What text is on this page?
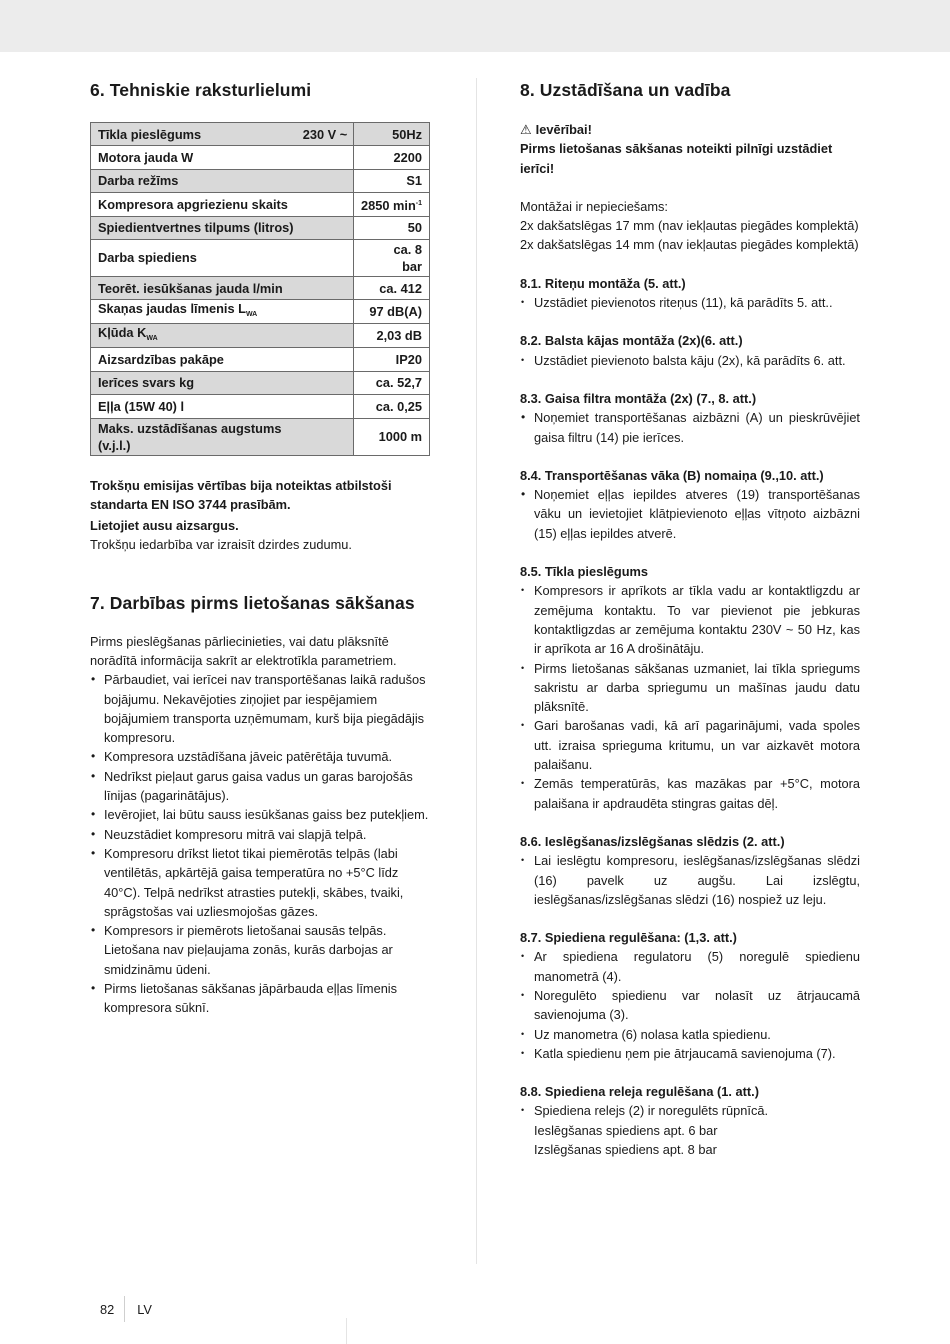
6. Tehniskie raksturlielumi
Tīkla pieslēgums	230 V ~	50Hz
Motora jauda W		2200
Darba režīms		S1
Kompresora apgriezienu skaits		2850 $\min^{-1}$
Spiedientvertnes tilpums (litros)		50
Darba spiediens		ca. 8
bar

Teorēt. iesūkšanas jauda l/min		ca. 412
Skaņas jaudas līmenis $L_{WA}$		97 dB(A)
Kļūda $K_{WA}$		2,03 dB
Aizsardzības pakāpe		IP20
Ierīces svars kg		ca. 52,7
Eļļa (15W 40) l		ca. 0,25

Maks. uzstādīšanas augstums
(v.j.l.)		1000 m

Trokšņu emisijas vērtības bija noteiktas atbilstoši standarta EN ISO 3744 prasībām.

Lietojiet ausu aizsargus.

Trokšņu iedarbība var izraisīt dzirdes zudumu.

7. Darbības pirms lietošanas sākšanas

Pirms pieslēgšanas pārliecinieties, vai datu plāksnītē norādītā informācija sakrīt ar elektrotīkla parametriem.

• Pārbaudiet, vai ierīcei nav transportēšanas laikā radušos bojājumu. Nekavējoties ziņojiet par iespējamiem bojājumiem transporta uzņēmumam, kurš bija piegādājis kompresoru.
• Kompresora uzstādīšana jāveic patērētāja tuvumā.
• Nedrīkst pieļaut garus gaisa vadus un garas barojošās līnijas (pagarinātājus).
• Ievērojiet, lai būtu sauss iesūkšanas gaiss bez putekļiem.
• Neuzstādiet kompresoru mitrā vai slapjā telpā.
• Kompresoru drīkst lietot tikai piemērotās telpās (labi ventilētās, apkārtējā gaisa temperatūra no +5°C līdz 40°C). Telpā nedrīkst atrasties putekļi, skābes, tvaiki, sprāgstošas vai uzliesmojošas gāzes.
• Kompresors ir piemērots lietošanai sausās telpās. Lietošana nav pieļaujama zonās, kurās darbojas ar smidzināmu ūdeni.
• Pirms lietošanas sākšanas jāpārbauda eļļas līmenis kompresora sūknī.
8. Uzstādīšana un vadība

⚠ Ievērībai!

Pirms lietošanas sākšanas noteikti pilnīgi uzstādiet ierīci!

Montāžai ir nepieciešams:

2x dakšatslēgas 17 mm (nav iekļautas piegādes komplektā)

2x dakšatslēgas 14 mm (nav iekļautas piegādes komplektā)

8.1. Riteņu montāža (5. att.)

• Uzstādiet pievienotos riteņus (11), kā parādīts 5. att..

8.2. Balsta kājas montāža (2x)(6. att.)

• Uzstādiet pievienoto balsta kāju (2x), kā parādīts 6. att.

8.3. Gaisa filtra montāža (2x) (7., 8. att.)

• Noņemiet transportēšanas aizbāzni (A) un pieskrūvējiet gaisa filtru (14) pie ierīces.

8.4. Transportēšanas vāka (B) nomaiņa (9.,10. att.)

• Noņemiet eļļas iepildes atveres (19) transportēšanas vāku un ievietojiet klātpievienoto eļļas vītņoto aizbāzni (15) eļļas iepildes atverē.

8.5. Tīkla pieslēgums

• Kompresors ir aprīkots ar tīkla vadu ar kontaktligzdu ar zemējuma kontaktu. To var pievienot pie jebkuras kontaktligzdas ar zemējuma kontaktu 230V ~ 50 Hz, kas ir aprīkota ar 16 A drošinātāju.
• Pirms lietošanas sākšanas uzmaniet, lai tīkla spriegums sakristu ar darba spriegumu un mašīnas jaudu datu plāksnītē.
• Gari barošanas vadi, kā arī pagarinājumi, vada spoles utt. izraisa sprieguma kritumu, un var aizkavēt motora palaišanu.
• Zemās temperatūrās, kas mazākas par +5°C, motora palaišana ir apdraudēta stingras gaitas dēļ.

8.6. Ieslēgšanas/izslēgšanas slēdzis (2. att.)

• Lai ieslēgtu kompresoru, ieslēgšanas/izslēgšanas slēdzi (16) pavelk uz augšu. Lai izslēgtu, ieslēgšanas/izslēgšanas slēdzi (16) nospiež uz leju.

8.7. Spiediena regulēšana: (1,3. att.)

• Ar spiediena regulatoru (5) noregulē spiedienu manometrā (4).
• Noregulēto spiedienu var nolasīt uz ātrjaucamā savienojuma (3).
• Uz manometra (6) nolasa katla spiedienu.
• Katla spiedienu ņem pie ātrjaucamā savienojuma (7).

8.8. Spiediena releja regulēšana (1. att.)

• Spiediena relejs (2) ir noregulēts rūpnīcā.

Ieslēgšanas spiediens apt. 6 bar

Izslēgšanas spiediens apt. 8 bar

82	LV
